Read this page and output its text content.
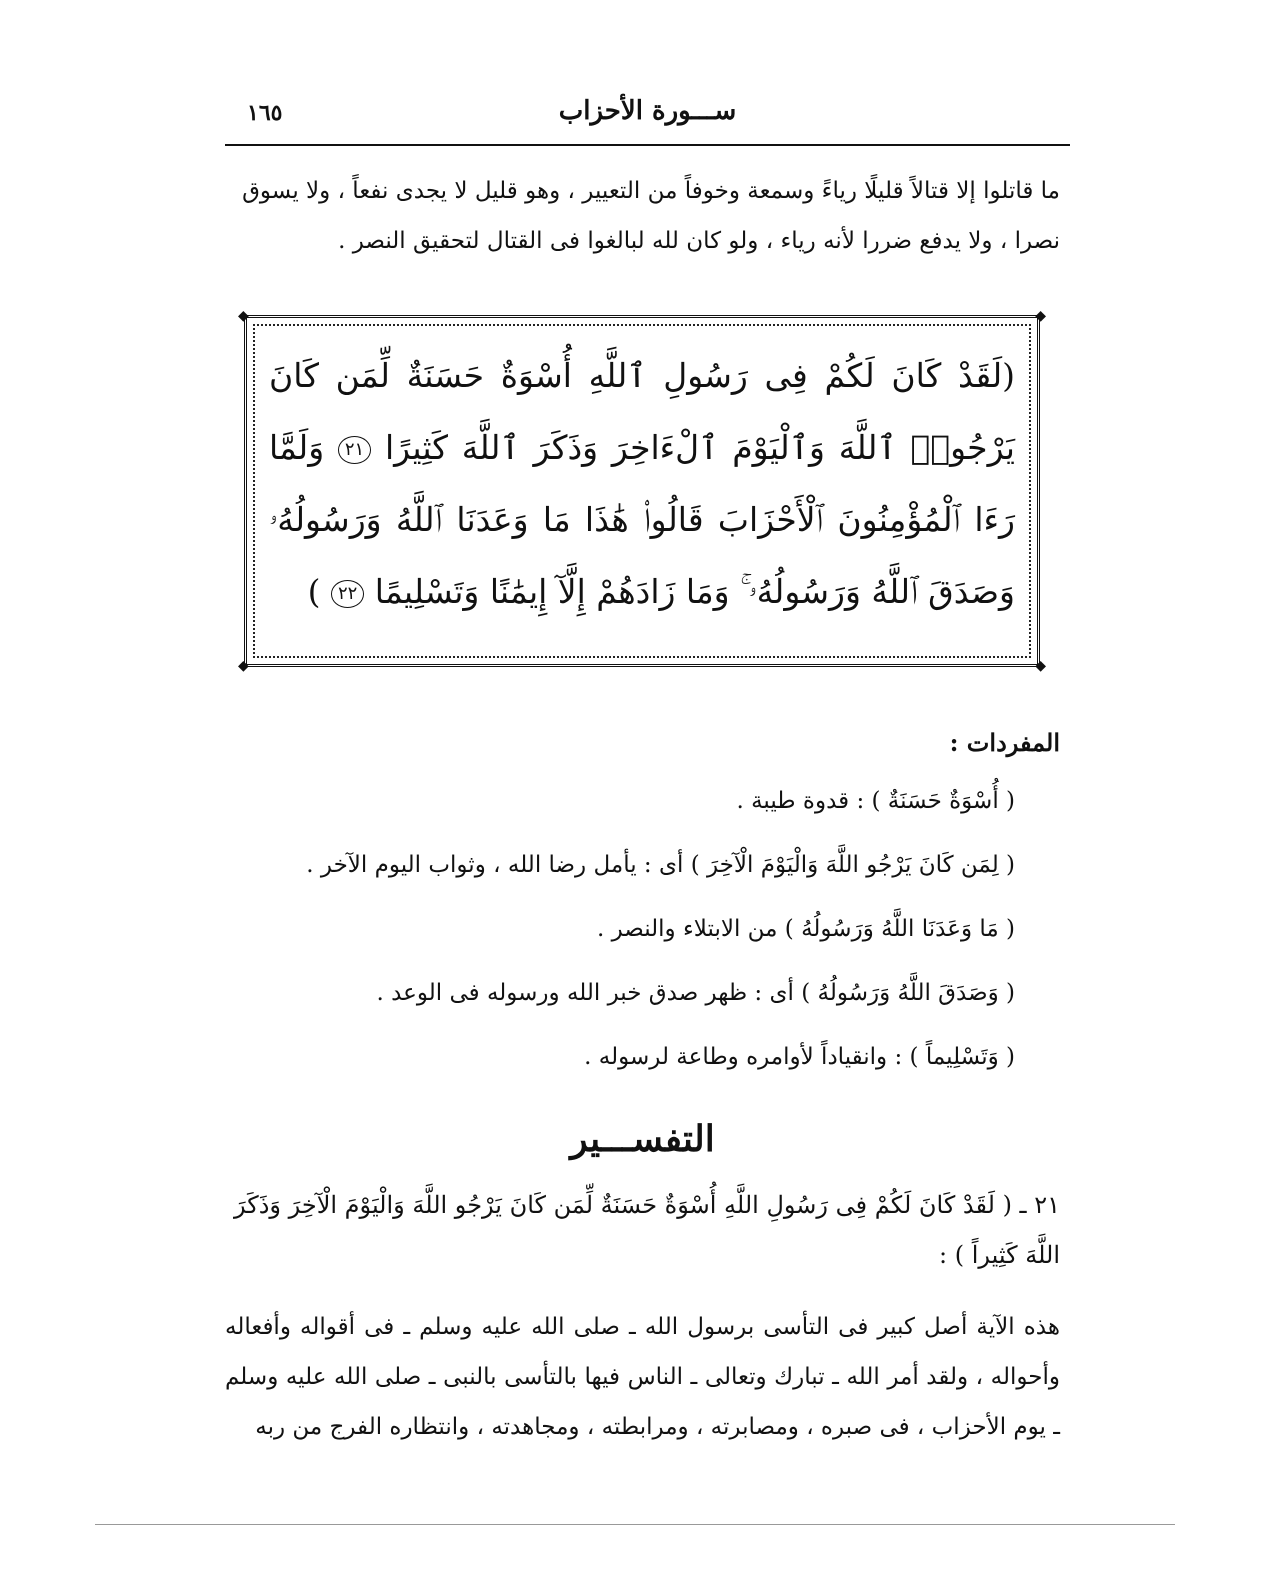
١٦٥	ســـورة الأحزاب
ما قاتلوا إلا قتالاً قليلًا رياءً وسمعة وخوفاً من التعيير ، وهو قليل لا يجدى نفعاً ، ولا يسوق نصرا ، ولا يدفع ضررا لأنه رياء ، ولو كان لله لبالغوا فى القتال لتحقيق النصر .
◆	◆
◆	◆
(لَقَدْ كَانَ لَكُمْ فِى رَسُولِ ٱللَّهِ أُسْوَةٌ حَسَنَةٌ لِّمَن كَانَ يَرْجُوا۟ ٱللَّهَ وَٱلْيَوْمَ ٱلْءَاخِرَ وَذَكَرَ ٱللَّهَ كَثِيرًا ٢١ وَلَمَّا رَءَا ٱلْمُؤْمِنُونَ ٱلْأَحْزَابَ قَالُوا۟ هَٰذَا مَا وَعَدَنَا ٱللَّهُ وَرَسُولُهُۥ وَصَدَقَ ٱللَّهُ وَرَسُولُهُۥ ۚ وَمَا زَادَهُمْ إِلَّآ إِيمَٰنًا وَتَسْلِيمًا ٢٢ )
المفردات :
( أُسْوَةٌ حَسَنَةٌ ) : قدوة طيبة .
( لِمَن كَانَ يَرْجُو اللَّهَ وَالْيَوْمَ الْآخِرَ ) أى : يأمل رضا الله ، وثواب اليوم الآخر .
( مَا وَعَدَنَا اللَّهُ وَرَسُولُهُ ) من الابتلاء والنصر .
( وَصَدَقَ اللَّهُ وَرَسُولُهُ ) أى : ظهر صدق خبر الله ورسوله فى الوعد .
( وَتَسْلِيماً ) : وانقياداً لأوامره وطاعة لرسوله .
التفســـير
٢١ ـ ( لَقَدْ كَانَ لَكُمْ فِى رَسُولِ اللَّهِ أُسْوَةٌ حَسَنَةٌ لِّمَن كَانَ يَرْجُو اللَّهَ وَالْيَوْمَ الْآخِرَ وَذَكَرَ اللَّهَ كَثِيراً ) :
هذه الآية أصل كبير فى التأسى برسول الله ـ صلى الله عليه وسلم ـ فى أقواله وأفعاله وأحواله ، ولقد أمر الله ـ تبارك وتعالى ـ الناس فيها بالتأسى بالنبى ـ صلى الله عليه وسلم ـ يوم الأحزاب ، فى صبره ، ومصابرته ، ومرابطته ، ومجاهدته ، وانتظاره الفرج من ربه
